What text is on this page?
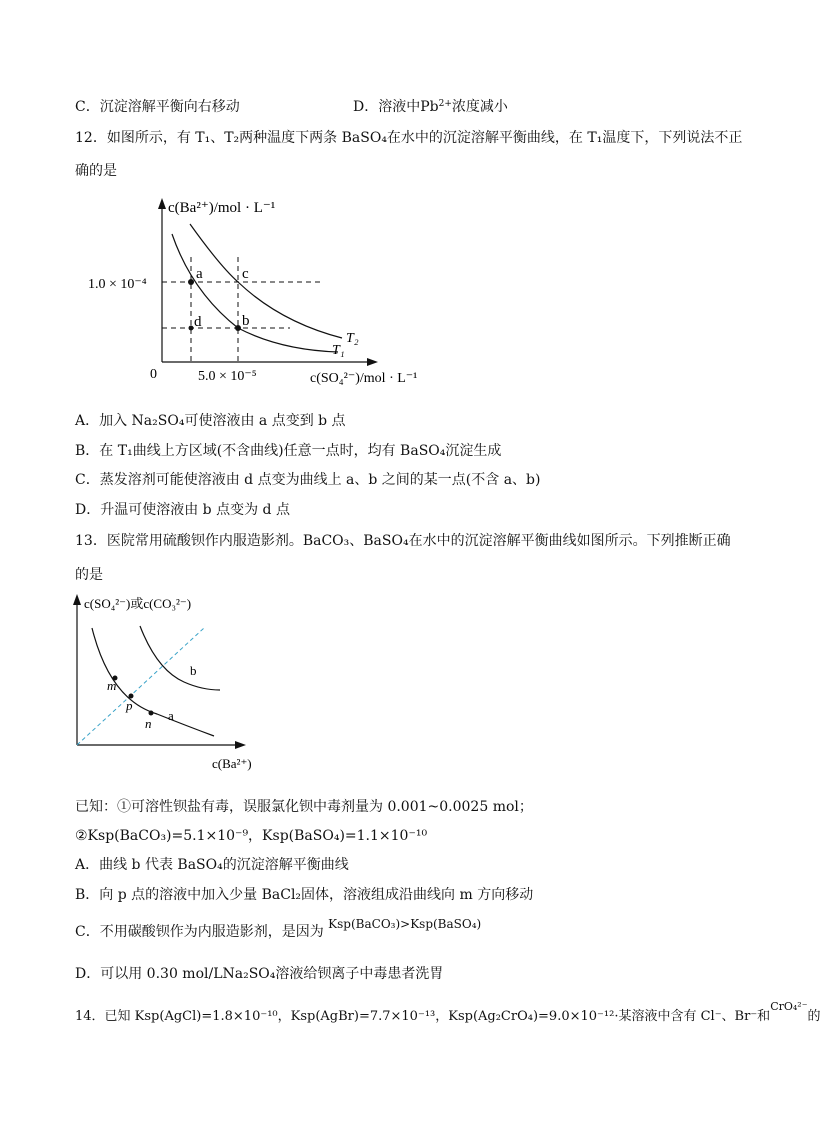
C．沉淀溶解平衡向右移动	D．溶液中$Pb^{2+}$浓度减小
12．如图所示，有 T₁、T₂两种温度下两条 BaSO₄在水中的沉淀溶解平衡曲线，在 T₁温度下，下列说法不正
确的是
a	c
d	b
T₂
T₁
c(Ba²⁺)/mol · L⁻¹
1.0 × 10⁻⁴
0	5.0 × 10⁻⁵	c(SO₄²⁻)/mol · L⁻¹
A．加入 Na₂SO₄可使溶液由 a 点变到 b 点
B．在 T₁曲线上方区域(不含曲线)任意一点时，均有 BaSO₄沉淀生成
C．蒸发溶剂可能使溶液由 d 点变为曲线上 a、b 之间的某一点(不含 a、b)
D．升温可使溶液由 b 点变为 d 点
13．医院常用硫酸钡作内服造影剂。BaCO₃、BaSO₄在水中的沉淀溶解平衡曲线如图所示。下列推断正确
的是
m
p
n
a
b
c(SO₄²⁻)或c(CO₃²⁻)
c(Ba²⁺)
已知：①可溶性钡盐有毒，误服氯化钡中毒剂量为 0.001~0.0025 mol；
②Ksp(BaCO₃)=5.1×10⁻⁹，Ksp(BaSO₄)=1.1×10⁻¹⁰
A．曲线 b 代表 BaSO₄的沉淀溶解平衡曲线
B．向 p 点的溶液中加入少量 BaCl₂固体，溶液组成沿曲线向 m 方向移动
C．不用碳酸钡作为内服造影剂，是因为 Ksp(BaCO₃)>Ksp(BaSO₄)
D．可以用 0.30 mol/LNa₂SO₄溶液给钡离子中毒患者洗胃
14．已知 Ksp(AgCl)=1.8×10⁻¹⁰，Ksp(AgBr)=7.7×10⁻¹³，Ksp(Ag₂CrO₄)=9.0×10⁻¹²·某溶液中含有 Cl⁻、Br⁻和$^{CrO_4^{2-}}$的
